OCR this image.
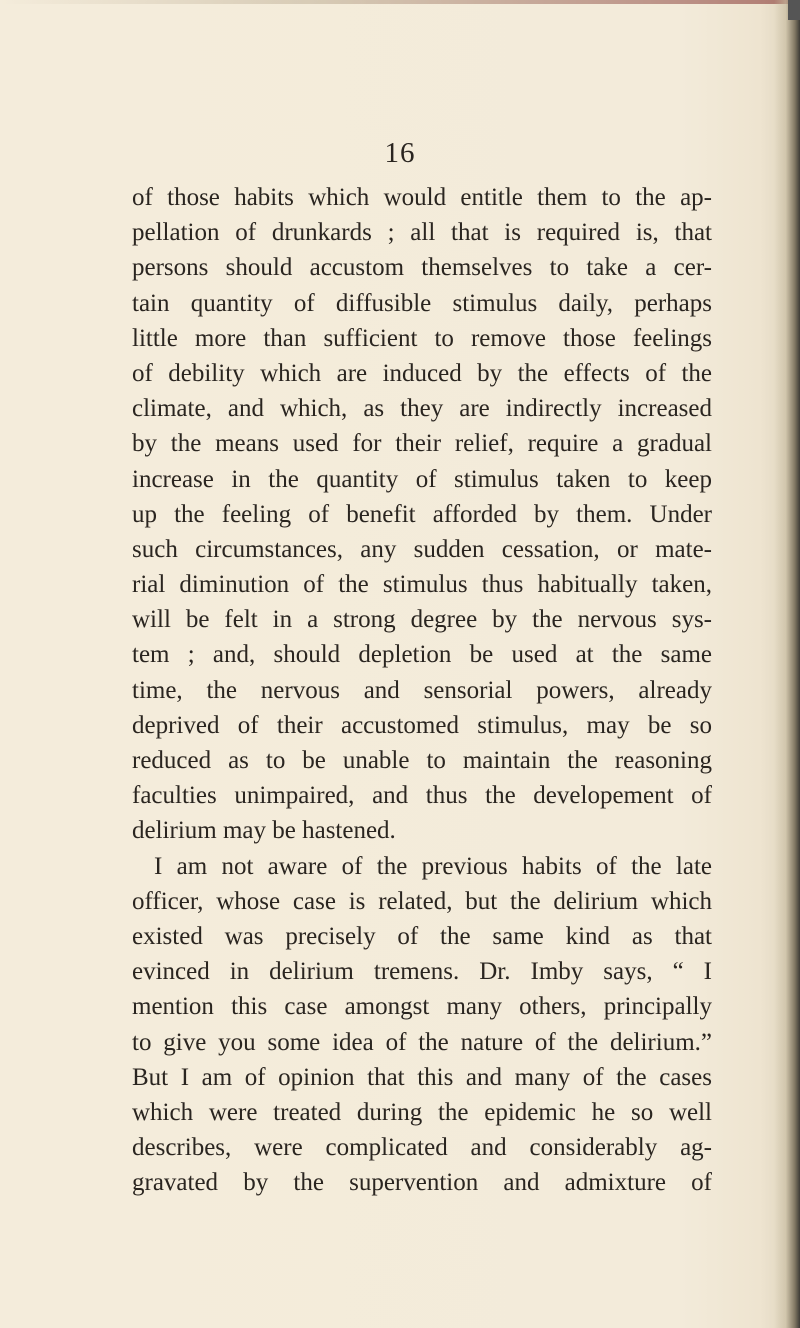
16
of those habits which would entitle them to the ap-
pellation of drunkards ; all that is required is, that
persons should accustom themselves to take a cer-
tain quantity of diffusible stimulus daily, perhaps
little more than sufficient to remove those feelings
of debility which are induced by the effects of the
climate, and which, as they are indirectly increased
by the means used for their relief, require a gradual
increase in the quantity of stimulus taken to keep
up the feeling of benefit afforded by them. Under
such circumstances, any sudden cessation, or mate-
rial diminution of the stimulus thus habitually taken,
will be felt in a strong degree by the nervous sys-
tem ; and, should depletion be used at the same
time, the nervous and sensorial powers, already
deprived of their accustomed stimulus, may be so
reduced as to be unable to maintain the reasoning
faculties unimpaired, and thus the developement of
delirium may be hastened.
I am not aware of the previous habits of the late
officer, whose case is related, but the delirium which
existed was precisely of the same kind as that
evinced in delirium tremens. Dr. Imby says, “ I
mention this case amongst many others, principally
to give you some idea of the nature of the delirium.”
But I am of opinion that this and many of the cases
which were treated during the epidemic he so well
describes, were complicated and considerably ag-
gravated by the supervention and admixture of
